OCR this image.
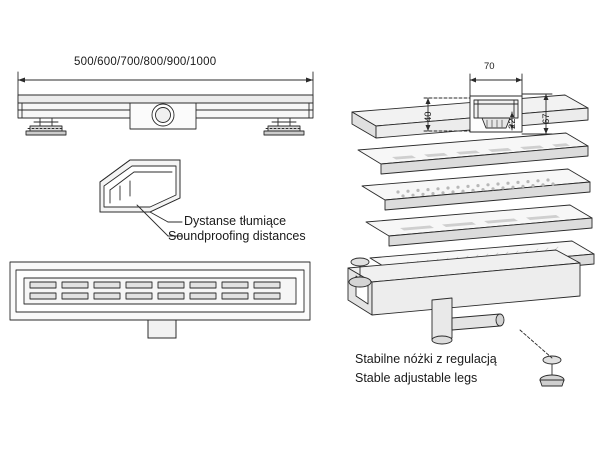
500/600/700/800/900/1000	70
40	67
22
Dystanse tłumiące
Soundproofing distances
Stabilne nóżki z regulacją
Stable adjustable legs
